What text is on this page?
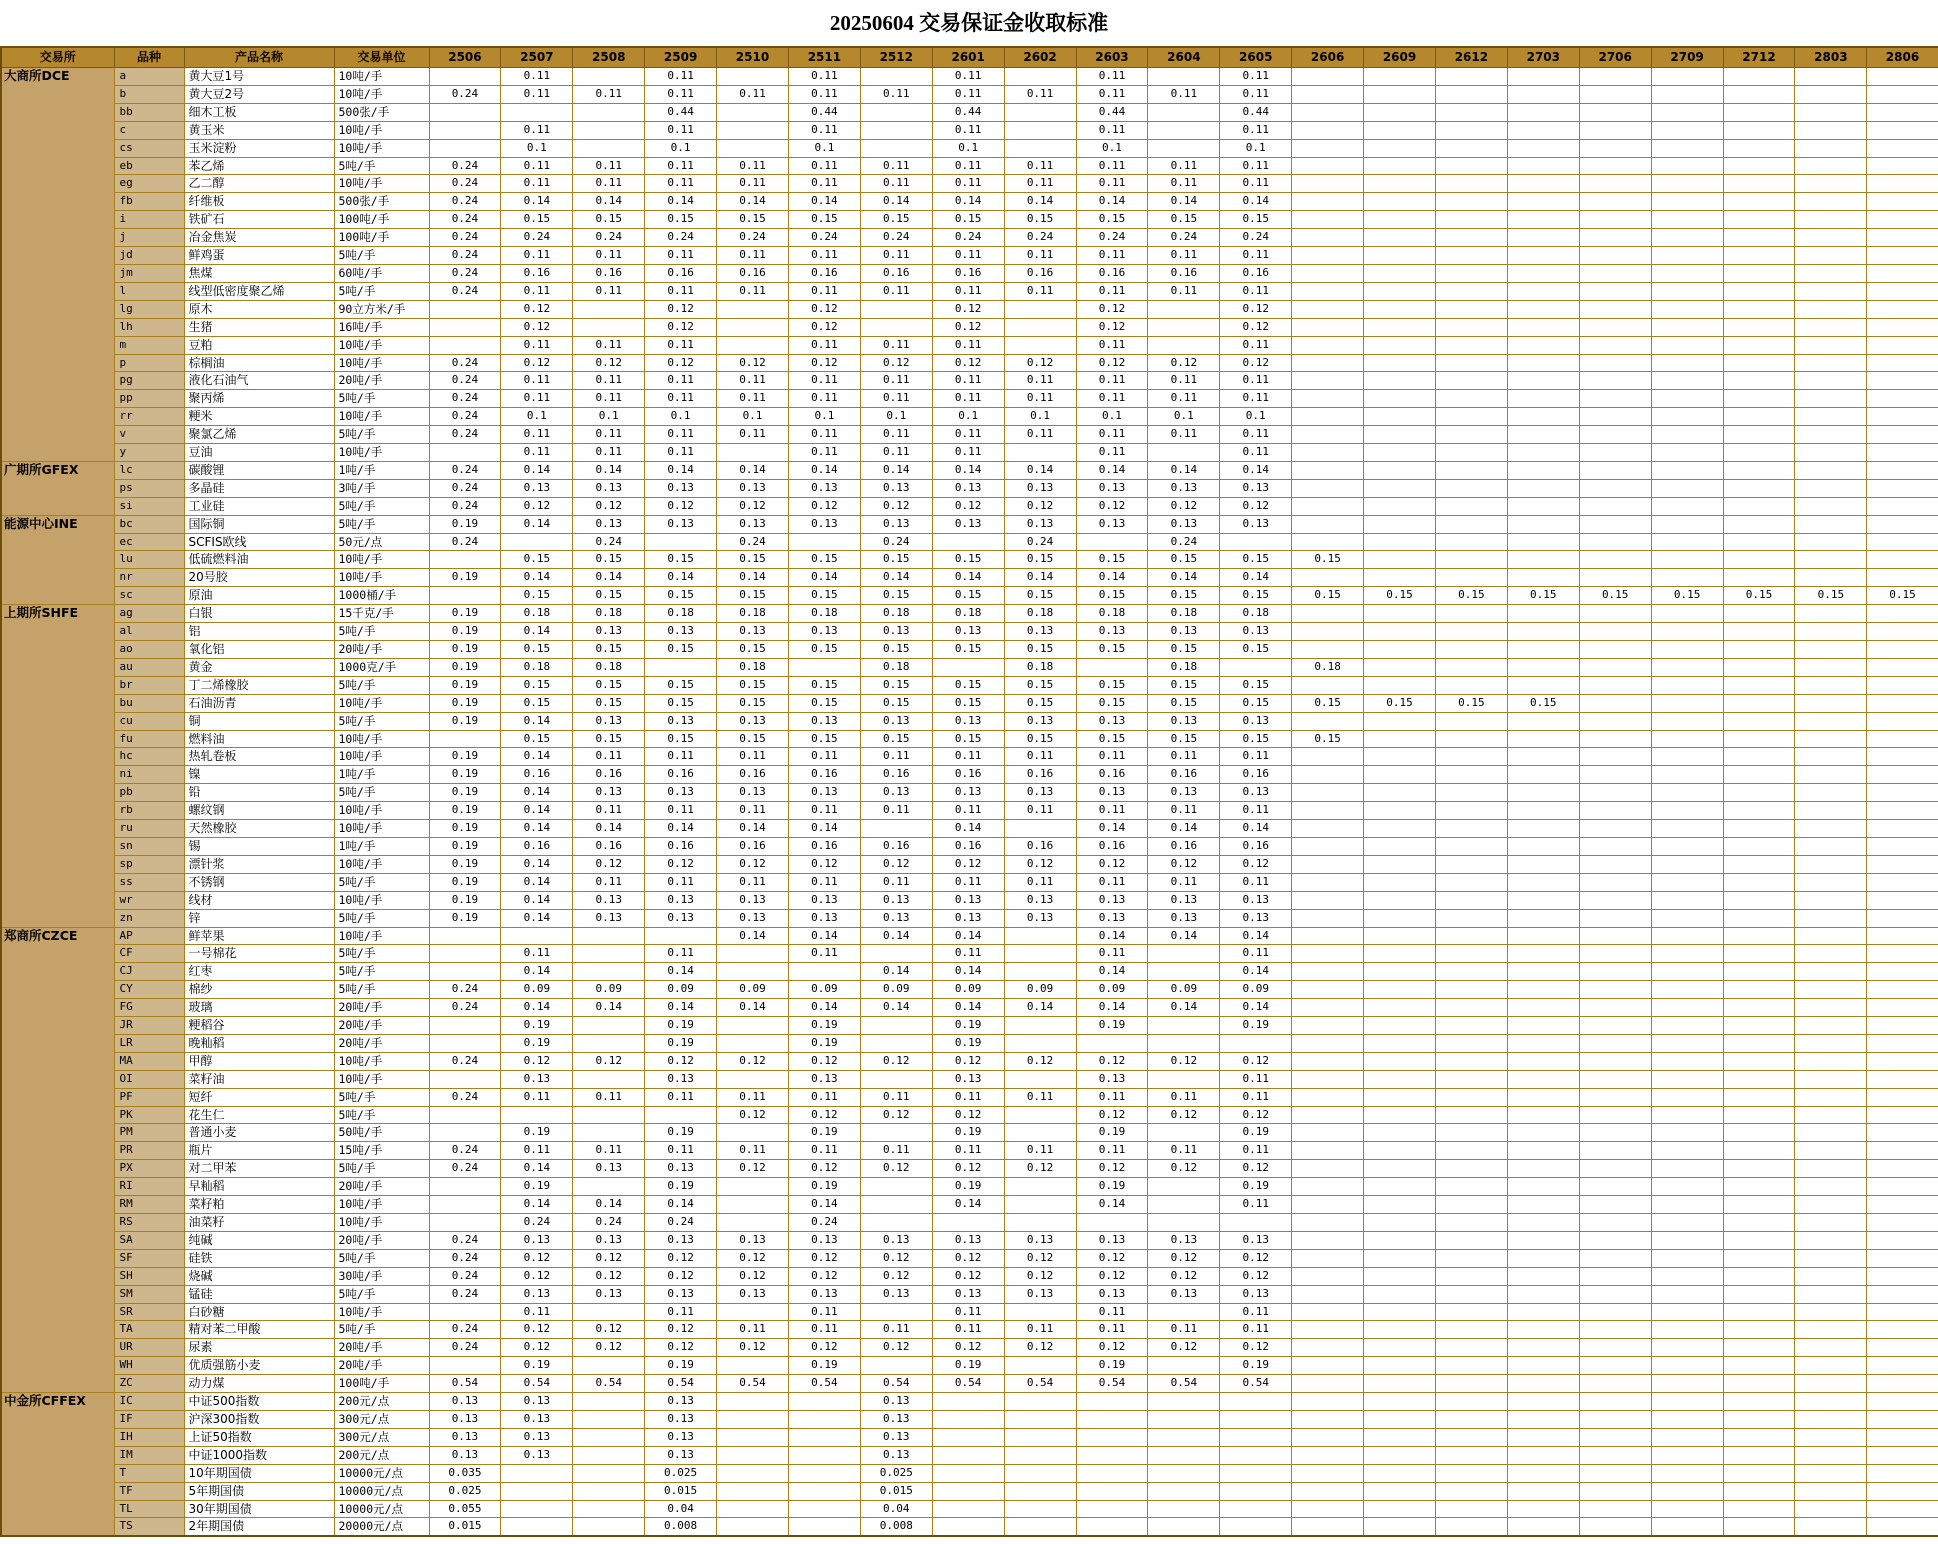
20250604 交易保证金收取标准
交易所	品种	产品名称	交易单位	2506	2507	2508	2509	2510	2511	2512	2601	2602	2603	2604	2605	2606	2609	2612	2703	2706	2709	2712	2803	2806
大商所DCE	a	黄大豆1号	10吨/手		0.11		0.11		0.11		0.11		0.11		0.11									
	b	黄大豆2号	10吨/手	0.24	0.11	0.11	0.11	0.11	0.11	0.11	0.11	0.11	0.11	0.11	0.11									
	bb	细木工板	500张/手				0.44		0.44		0.44		0.44		0.44									
	c	黄玉米	10吨/手		0.11		0.11		0.11		0.11		0.11		0.11									
	cs	玉米淀粉	10吨/手		0.1		0.1		0.1		0.1		0.1		0.1									
	eb	苯乙烯	5吨/手	0.24	0.11	0.11	0.11	0.11	0.11	0.11	0.11	0.11	0.11	0.11	0.11									
	eg	乙二醇	10吨/手	0.24	0.11	0.11	0.11	0.11	0.11	0.11	0.11	0.11	0.11	0.11	0.11									
	fb	纤维板	500张/手	0.24	0.14	0.14	0.14	0.14	0.14	0.14	0.14	0.14	0.14	0.14	0.14									
	i	铁矿石	100吨/手	0.24	0.15	0.15	0.15	0.15	0.15	0.15	0.15	0.15	0.15	0.15	0.15									
	j	冶金焦炭	100吨/手	0.24	0.24	0.24	0.24	0.24	0.24	0.24	0.24	0.24	0.24	0.24	0.24									
	jd	鲜鸡蛋	5吨/手	0.24	0.11	0.11	0.11	0.11	0.11	0.11	0.11	0.11	0.11	0.11	0.11									
	jm	焦煤	60吨/手	0.24	0.16	0.16	0.16	0.16	0.16	0.16	0.16	0.16	0.16	0.16	0.16									
	l	线型低密度聚乙烯	5吨/手	0.24	0.11	0.11	0.11	0.11	0.11	0.11	0.11	0.11	0.11	0.11	0.11									
	lg	原木	90立方米/手		0.12		0.12		0.12		0.12		0.12		0.12									
	lh	生猪	16吨/手		0.12		0.12		0.12		0.12		0.12		0.12									
	m	豆粕	10吨/手		0.11	0.11	0.11		0.11	0.11	0.11		0.11		0.11									
	p	棕榈油	10吨/手	0.24	0.12	0.12	0.12	0.12	0.12	0.12	0.12	0.12	0.12	0.12	0.12									
	pg	液化石油气	20吨/手	0.24	0.11	0.11	0.11	0.11	0.11	0.11	0.11	0.11	0.11	0.11	0.11									
	pp	聚丙烯	5吨/手	0.24	0.11	0.11	0.11	0.11	0.11	0.11	0.11	0.11	0.11	0.11	0.11									
	rr	粳米	10吨/手	0.24	0.1	0.1	0.1	0.1	0.1	0.1	0.1	0.1	0.1	0.1	0.1									
	v	聚氯乙烯	5吨/手	0.24	0.11	0.11	0.11	0.11	0.11	0.11	0.11	0.11	0.11	0.11	0.11									
	y	豆油	10吨/手		0.11	0.11	0.11		0.11	0.11	0.11		0.11		0.11									
广期所GFEX	lc	碳酸锂	1吨/手	0.24	0.14	0.14	0.14	0.14	0.14	0.14	0.14	0.14	0.14	0.14	0.14									
	ps	多晶硅	3吨/手	0.24	0.13	0.13	0.13	0.13	0.13	0.13	0.13	0.13	0.13	0.13	0.13									
	si	工业硅	5吨/手	0.24	0.12	0.12	0.12	0.12	0.12	0.12	0.12	0.12	0.12	0.12	0.12									
能源中心INE	bc	国际铜	5吨/手	0.19	0.14	0.13	0.13	0.13	0.13	0.13	0.13	0.13	0.13	0.13	0.13									
	ec	SCFIS欧线	50元/点	0.24		0.24		0.24		0.24		0.24		0.24										
	lu	低硫燃料油	10吨/手		0.15	0.15	0.15	0.15	0.15	0.15	0.15	0.15	0.15	0.15	0.15	0.15								
	nr	20号胶	10吨/手	0.19	0.14	0.14	0.14	0.14	0.14	0.14	0.14	0.14	0.14	0.14	0.14									
	sc	原油	1000桶/手		0.15	0.15	0.15	0.15	0.15	0.15	0.15	0.15	0.15	0.15	0.15	0.15	0.15	0.15	0.15	0.15	0.15	0.15	0.15	0.15
上期所SHFE	ag	白银	15千克/手	0.19	0.18	0.18	0.18	0.18	0.18	0.18	0.18	0.18	0.18	0.18	0.18									
	al	铝	5吨/手	0.19	0.14	0.13	0.13	0.13	0.13	0.13	0.13	0.13	0.13	0.13	0.13									
	ao	氧化铝	20吨/手	0.19	0.15	0.15	0.15	0.15	0.15	0.15	0.15	0.15	0.15	0.15	0.15									
	au	黄金	1000克/手	0.19	0.18	0.18		0.18		0.18		0.18		0.18		0.18								
	br	丁二烯橡胶	5吨/手	0.19	0.15	0.15	0.15	0.15	0.15	0.15	0.15	0.15	0.15	0.15	0.15									
	bu	石油沥青	10吨/手	0.19	0.15	0.15	0.15	0.15	0.15	0.15	0.15	0.15	0.15	0.15	0.15	0.15	0.15	0.15	0.15					
	cu	铜	5吨/手	0.19	0.14	0.13	0.13	0.13	0.13	0.13	0.13	0.13	0.13	0.13	0.13									
	fu	燃料油	10吨/手		0.15	0.15	0.15	0.15	0.15	0.15	0.15	0.15	0.15	0.15	0.15	0.15								
	hc	热轧卷板	10吨/手	0.19	0.14	0.11	0.11	0.11	0.11	0.11	0.11	0.11	0.11	0.11	0.11									
	ni	镍	1吨/手	0.19	0.16	0.16	0.16	0.16	0.16	0.16	0.16	0.16	0.16	0.16	0.16									
	pb	铅	5吨/手	0.19	0.14	0.13	0.13	0.13	0.13	0.13	0.13	0.13	0.13	0.13	0.13									
	rb	螺纹钢	10吨/手	0.19	0.14	0.11	0.11	0.11	0.11	0.11	0.11	0.11	0.11	0.11	0.11									
	ru	天然橡胶	10吨/手	0.19	0.14	0.14	0.14	0.14	0.14		0.14		0.14	0.14	0.14									
	sn	锡	1吨/手	0.19	0.16	0.16	0.16	0.16	0.16	0.16	0.16	0.16	0.16	0.16	0.16									
	sp	漂针浆	10吨/手	0.19	0.14	0.12	0.12	0.12	0.12	0.12	0.12	0.12	0.12	0.12	0.12									
	ss	不锈钢	5吨/手	0.19	0.14	0.11	0.11	0.11	0.11	0.11	0.11	0.11	0.11	0.11	0.11									
	wr	线材	10吨/手	0.19	0.14	0.13	0.13	0.13	0.13	0.13	0.13	0.13	0.13	0.13	0.13									
	zn	锌	5吨/手	0.19	0.14	0.13	0.13	0.13	0.13	0.13	0.13	0.13	0.13	0.13	0.13									
郑商所CZCE	AP	鲜苹果	10吨/手					0.14	0.14	0.14	0.14		0.14	0.14	0.14									
	CF	一号棉花	5吨/手		0.11		0.11		0.11		0.11		0.11		0.11									
	CJ	红枣	5吨/手		0.14		0.14			0.14	0.14		0.14		0.14									
	CY	棉纱	5吨/手	0.24	0.09	0.09	0.09	0.09	0.09	0.09	0.09	0.09	0.09	0.09	0.09									
	FG	玻璃	20吨/手	0.24	0.14	0.14	0.14	0.14	0.14	0.14	0.14	0.14	0.14	0.14	0.14									
	JR	粳稻谷	20吨/手		0.19		0.19		0.19		0.19		0.19		0.19									
	LR	晚籼稻	20吨/手		0.19		0.19		0.19		0.19													
	MA	甲醇	10吨/手	0.24	0.12	0.12	0.12	0.12	0.12	0.12	0.12	0.12	0.12	0.12	0.12									
	OI	菜籽油	10吨/手		0.13		0.13		0.13		0.13		0.13		0.11									
	PF	短纤	5吨/手	0.24	0.11	0.11	0.11	0.11	0.11	0.11	0.11	0.11	0.11	0.11	0.11									
	PK	花生仁	5吨/手					0.12	0.12	0.12	0.12		0.12	0.12	0.12									
	PM	普通小麦	50吨/手		0.19		0.19		0.19		0.19		0.19		0.19									
	PR	瓶片	15吨/手	0.24	0.11	0.11	0.11	0.11	0.11	0.11	0.11	0.11	0.11	0.11	0.11									
	PX	对二甲苯	5吨/手	0.24	0.14	0.13	0.13	0.12	0.12	0.12	0.12	0.12	0.12	0.12	0.12									
	RI	早籼稻	20吨/手		0.19		0.19		0.19		0.19		0.19		0.19									
	RM	菜籽粕	10吨/手		0.14	0.14	0.14		0.14		0.14		0.14		0.11									
	RS	油菜籽	10吨/手		0.24	0.24	0.24		0.24															
	SA	纯碱	20吨/手	0.24	0.13	0.13	0.13	0.13	0.13	0.13	0.13	0.13	0.13	0.13	0.13									
	SF	硅铁	5吨/手	0.24	0.12	0.12	0.12	0.12	0.12	0.12	0.12	0.12	0.12	0.12	0.12									
	SH	烧碱	30吨/手	0.24	0.12	0.12	0.12	0.12	0.12	0.12	0.12	0.12	0.12	0.12	0.12									
	SM	锰硅	5吨/手	0.24	0.13	0.13	0.13	0.13	0.13	0.13	0.13	0.13	0.13	0.13	0.13									
	SR	白砂糖	10吨/手		0.11		0.11		0.11		0.11		0.11		0.11									
	TA	精对苯二甲酸	5吨/手	0.24	0.12	0.12	0.12	0.11	0.11	0.11	0.11	0.11	0.11	0.11	0.11									
	UR	尿素	20吨/手	0.24	0.12	0.12	0.12	0.12	0.12	0.12	0.12	0.12	0.12	0.12	0.12									
	WH	优质强筋小麦	20吨/手		0.19		0.19		0.19		0.19		0.19		0.19									
	ZC	动力煤	100吨/手	0.54	0.54	0.54	0.54	0.54	0.54	0.54	0.54	0.54	0.54	0.54	0.54									
中金所CFFEX	IC	中证500指数	200元/点	0.13	0.13		0.13			0.13														
	IF	沪深300指数	300元/点	0.13	0.13		0.13			0.13														
	IH	上证50指数	300元/点	0.13	0.13		0.13			0.13														
	IM	中证1000指数	200元/点	0.13	0.13		0.13			0.13														
	T	10年期国债	10000元/点	0.035			0.025			0.025														
	TF	5年期国债	10000元/点	0.025			0.015			0.015														
	TL	30年期国债	10000元/点	0.055			0.04			0.04														
	TS	2年期国债	20000元/点	0.015			0.008			0.008														
